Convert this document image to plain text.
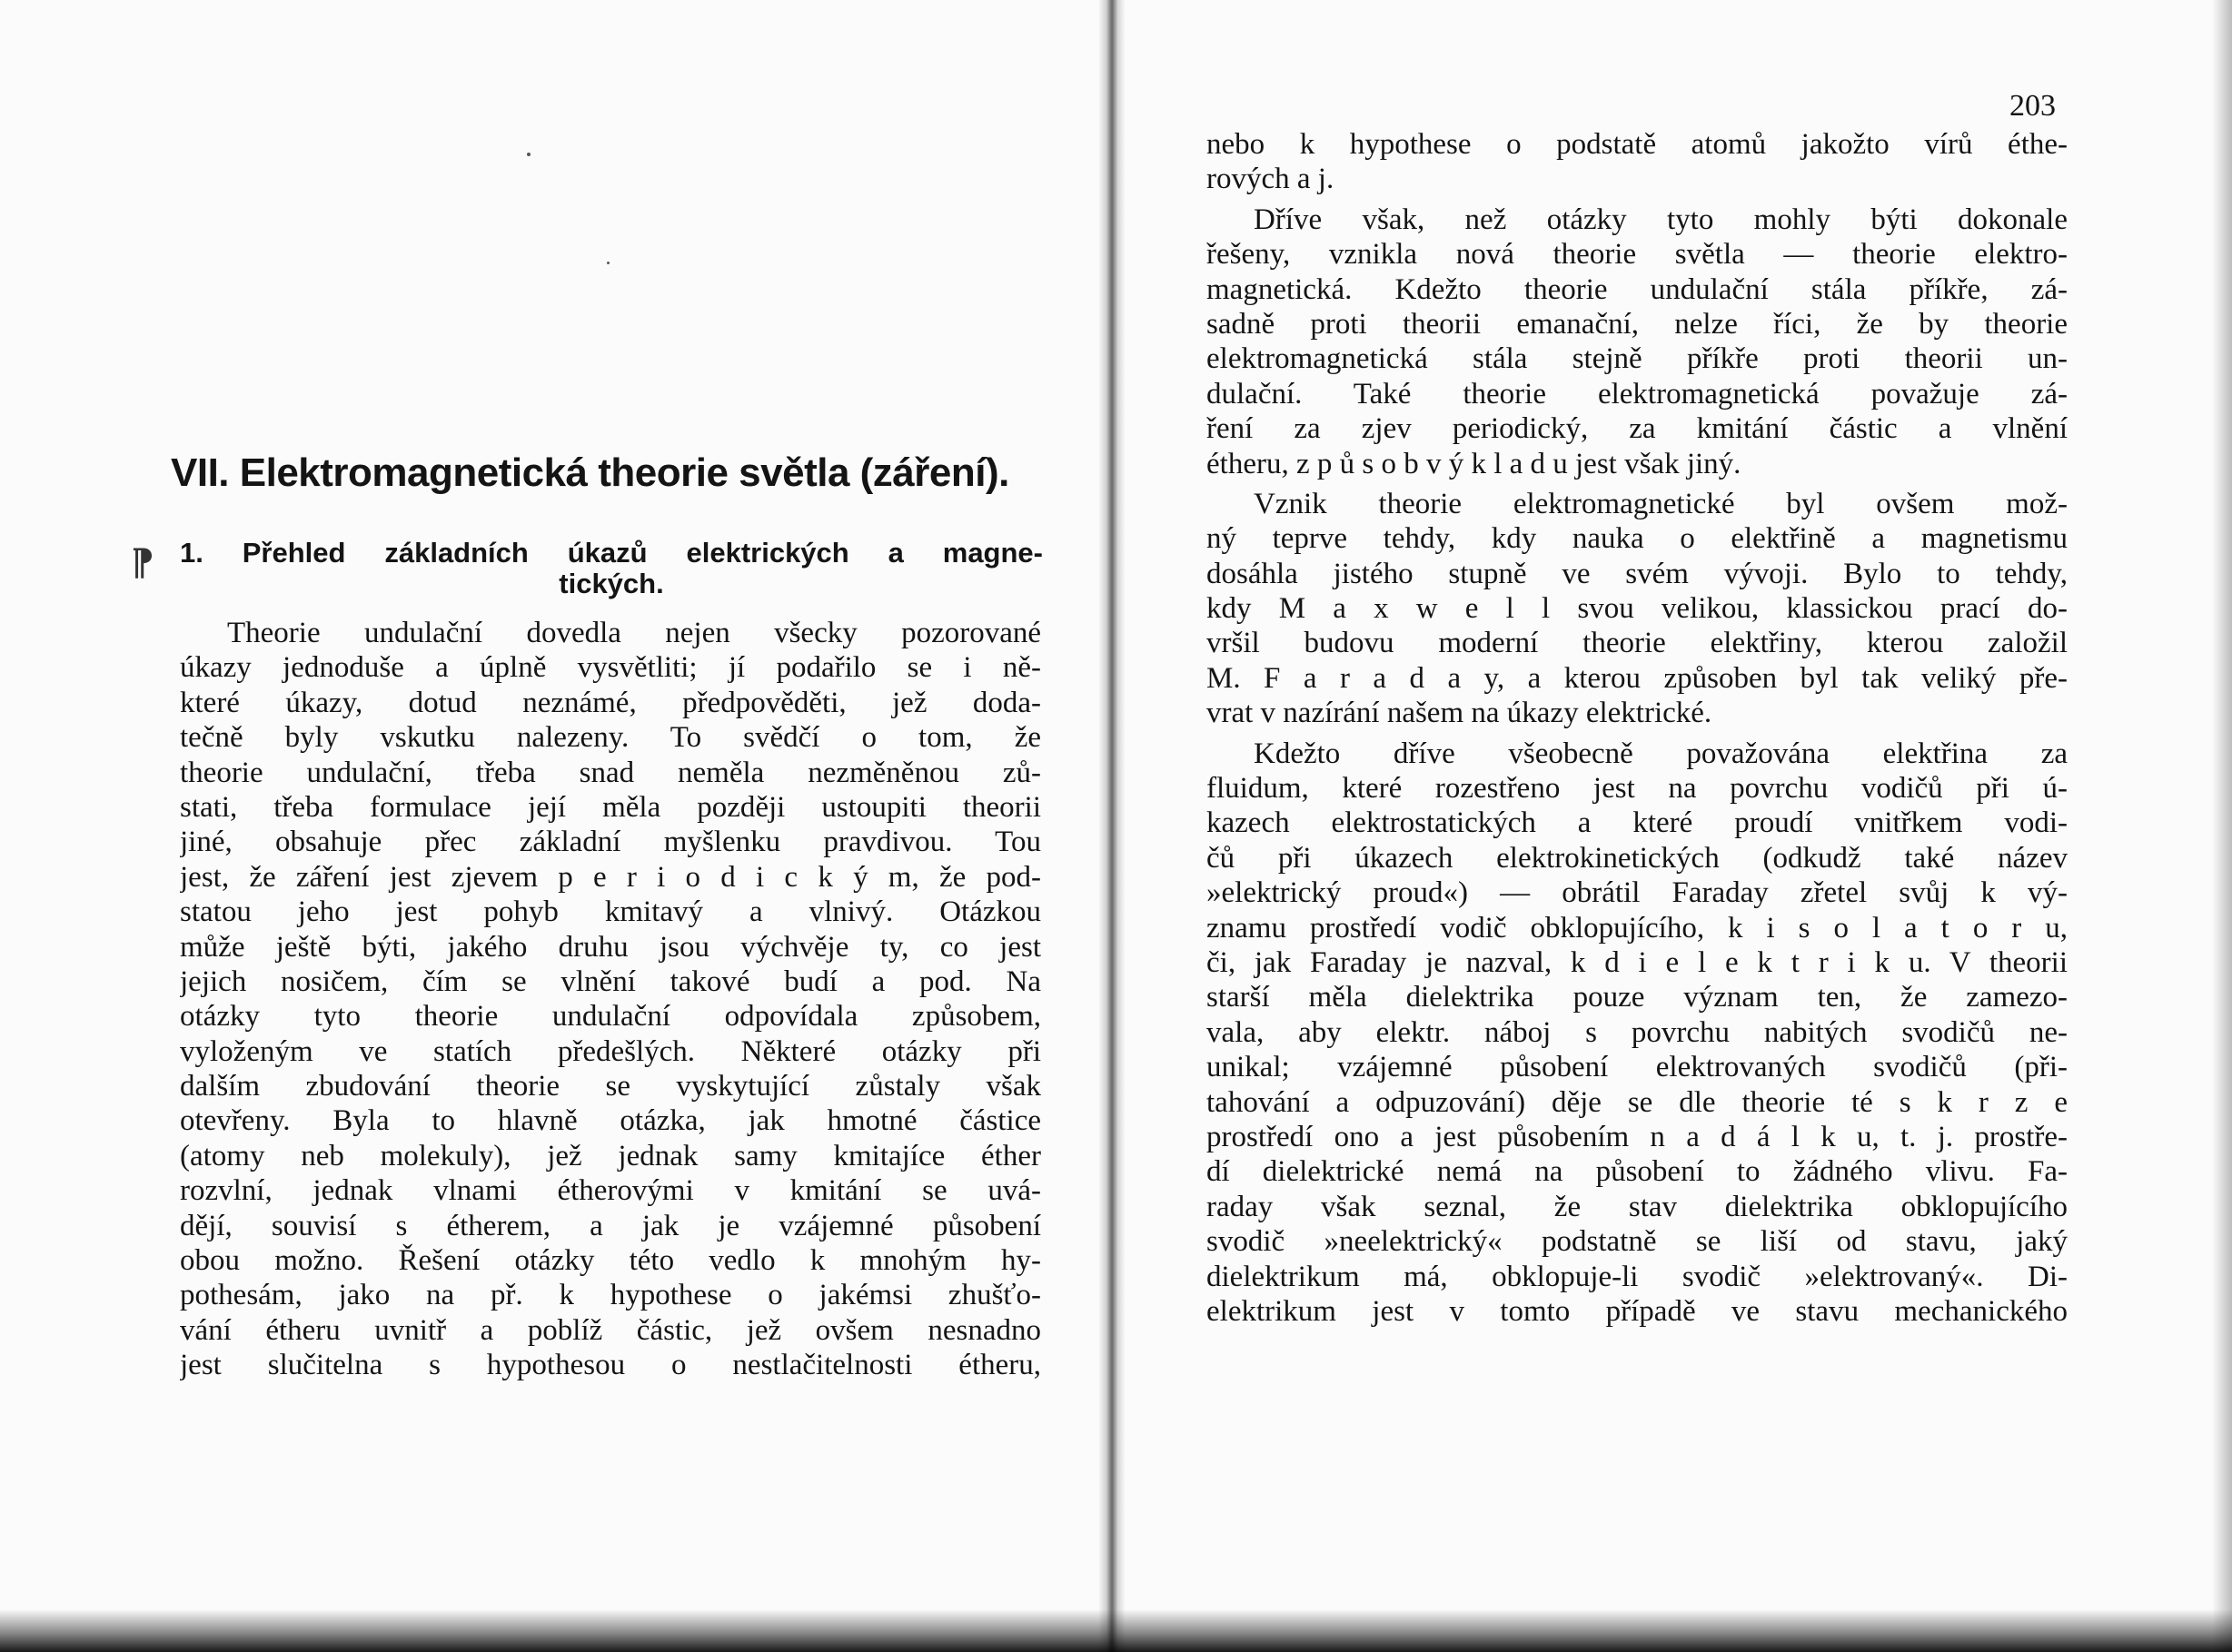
VII. Elektromagnetická theorie světla (záření).
⁋ 1. Přehled základních úkazů elektrických a magne-
tických.
Theorie undulační dovedla nejen všecky pozorované
úkazy jednoduše a úplně vysvětliti; jí podařilo se i ně-
které úkazy, dotud neznámé, předpověděti, jež doda-
tečně byly vskutku nalezeny. To svědčí o tom, že
theorie undulační, třeba snad neměla nezměněnou zů-
stati, třeba formulace její měla později ustoupiti theorii
jiné, obsahuje přec základní myšlenku pravdivou. Tou
jest, že záření jest zjevem p e r i o d i c k ý m, že pod-
statou jeho jest pohyb kmitavý a vlnivý. Otázkou
může ještě býti, jakého druhu jsou výchvěje ty, co jest
jejich nosičem, čím se vlnění takové budí a pod. Na
otázky tyto theorie undulační odpovídala způsobem,
vyloženým ve statích předešlých. Některé otázky při
dalším zbudování theorie se vyskytující zůstaly však
otevřeny. Byla to hlavně otázka, jak hmotné částice
(atomy neb molekuly), jež jednak samy kmitajíce éther
rozvlní, jednak vlnami étherovými v kmitání se uvá-
dějí, souvisí s étherem, a jak je vzájemné působení
obou možno. Řešení otázky této vedlo k mnohým hy-
pothesám, jako na př. k hypothese o jakémsi zhušťo-
vání étheru uvnitř a poblíž částic, jež ovšem nesnadno
jest slučitelna s hypothesou o nestlačitelnosti étheru,

203

nebo k hypothese o podstatě atomů jakožto vírů éthe-
rových a j.
Dříve však, než otázky tyto mohly býti dokonale
řešeny, vznikla nová theorie světla — theorie elektro-
magnetická. Kdežto theorie undulační stála příkře, zá-
sadně proti theorii emanační, nelze říci, že by theorie
elektromagnetická stála stejně příkře proti theorii un-
dulační. Také theorie elektromagnetická považuje zá-
ření za zjev periodický, za kmitání částic a vlnění
étheru, z p ů s o b v ý k l a d u jest však jiný.
Vznik theorie elektromagnetické byl ovšem mož-
ný teprve tehdy, kdy nauka o elektřině a magnetismu
dosáhla jistého stupně ve svém vývoji. Bylo to tehdy,
kdy M a x w e l l svou velikou, klassickou prací do-
vršil budovu moderní theorie elektřiny, kterou založil
M. F a r a d a y, a kterou způsoben byl tak veliký pře-
vrat v nazírání našem na úkazy elektrické.
Kdežto dříve všeobecně považována elektřina za
fluidum, které rozestřeno jest na povrchu vodičů při ú-
kazech elektrostatických a které proudí vnitřkem vodi-
čů při úkazech elektrokinetických (odkudž také název
»elektrický proud«) — obrátil Faraday zřetel svůj k vý-
znamu prostředí vodič obklopujícího, k i s o l a t o r u,
či, jak Faraday je nazval, k d i e l e k t r i k u. V theorii
starší měla dielektrika pouze význam ten, že zamezo-
vala, aby elektr. náboj s povrchu nabitých svodičů ne-
unikal; vzájemné působení elektrovaných svodičů (při-
tahování a odpuzování) děje se dle theorie té s k r z e
prostředí ono a jest působením n a d á l k u, t. j. prostře-
dí dielektrické nemá na působení to žádného vlivu. Fa-
raday však seznal, že stav dielektrika obklopujícího
svodič »neelektrický« podstatně se liší od stavu, jaký
dielektrikum má, obklopuje-li svodič »elektrovaný«. Di-
elektrikum jest v tomto případě ve stavu mechanického
